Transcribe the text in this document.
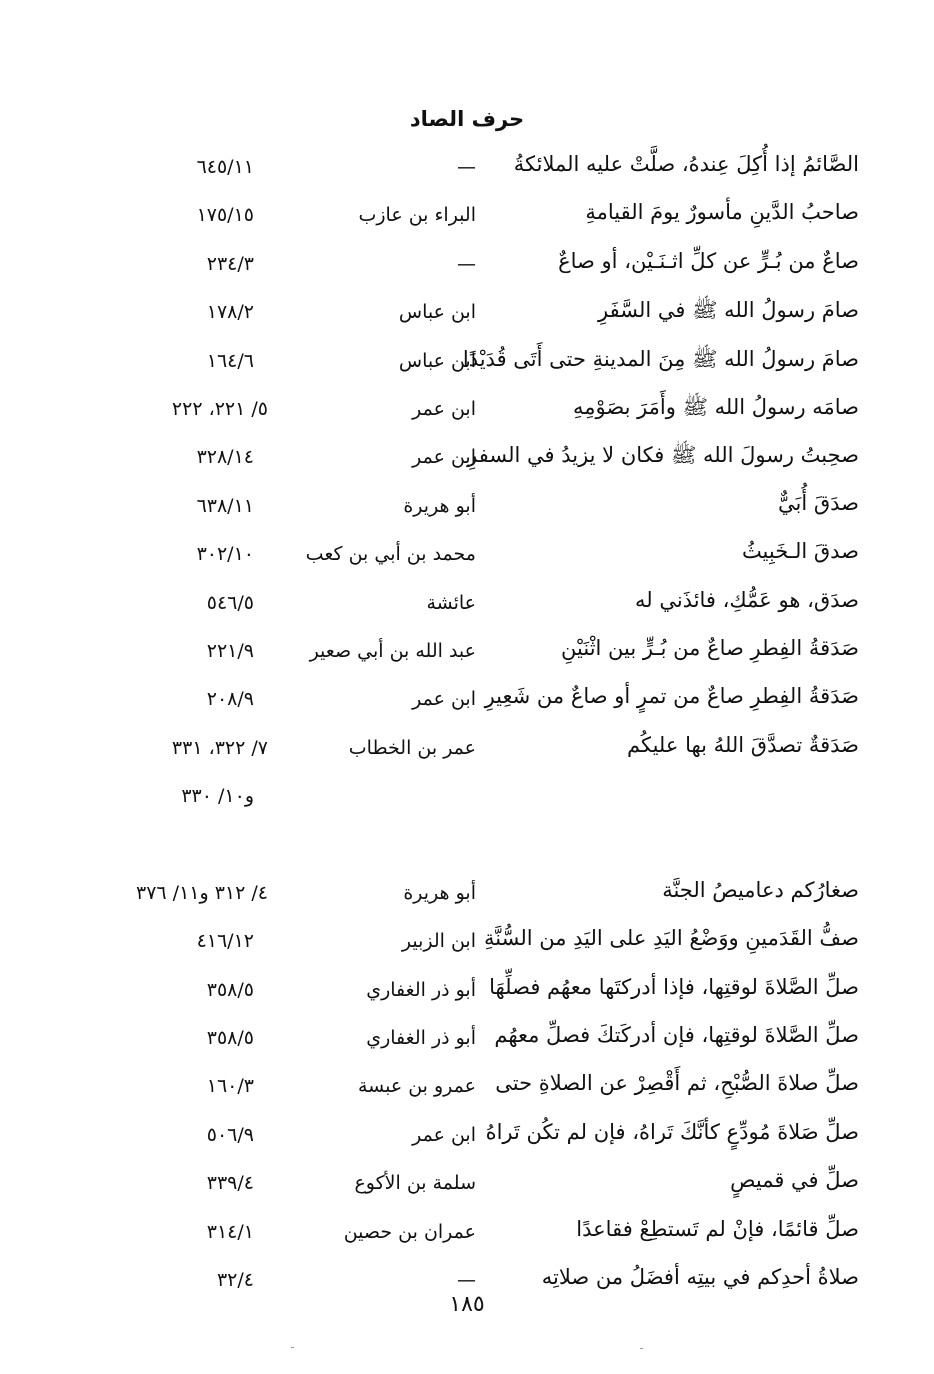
حرف الصاد
الصَّائمُ إذا أُكِلَ عِندهُ، صلَّتْ عليه الملائكةُ
—
٦٤٥/١١
صاحبُ الدَّينِ مأسورٌ يومَ القيامةِ
البراء بن عازب
١٧٥/١٥
صاعٌ من بُـرٍّ عن كلِّ اثـنَـيْن، أو صاعٌ
—
٢٣٤/٣
صامَ رسولُ الله ﷺ في السَّفَرِ
ابن عباس
١٧٨/٢
صامَ رسولُ الله ﷺ مِنَ المدينةِ حتى أَتَى قُدَيْدًا
ابن عباس
١٦٤/٦
صامَه رسولُ الله ﷺ وأَمَرَ بصَوْمِهِ
ابن عمر
٥/ ٢٢١، ٢٢٢
صحِبتُ رسولَ الله ﷺ فكان لا يزيدُ في السفرِ
ابن عمر
٣٢٨/١٤
صدَقَ أُبَيٌّ
أبو هريرة
٦٣٨/١١
صدقَ الـخَبِيثُ
محمد بن أبي بن كعب
٣٠٢/١٠
صدَق، هو عَمُّكِ، فائذَني له
عائشة
٥٤٦/٥
صَدَقةُ الفِطرِ صاعٌ من بُـرٍّ بين اثْنَيْنِ
عبد الله بن أبي صعير
٢٢١/٩
صَدَقةُ الفِطرِ صاعٌ من تمرٍ أو صاعٌ من شَعِيرِ
ابن عمر
٢٠٨/٩
صَدَقةٌ تصدَّقَ اللهُ بها عليكُم
عمر بن الخطاب
٧/ ٣٢٢، ٣٣١
و١٠/ ٣٣٠
صغارُكم دعاميصُ الجنَّة
أبو هريرة
٤/ ٣١٢ و١١/ ٣٧٦
صفُّ القَدَمينِ ووَضْعُ اليَدِ على اليَدِ من السُّنَّةِ
ابن الزبير
٤١٦/١٢
صلِّ الصَّلاةَ لوقتِها، فإذا أدركتَها معهُم فصلِّهَا
أبو ذر الغفاري
٣٥٨/٥
صلِّ الصَّلاةَ لوقتِها، فإن أدركَتكَ فصلِّ معهُم
أبو ذر الغفاري
٣٥٨/٥
صلِّ صلاةَ الصُّبْحِ، ثم أَقْصِرْ عن الصلاةِ حتى
عمرو بن عبسة
١٦٠/٣
صلِّ صَلاةَ مُودِّعٍ كأنَّكَ تَراهُ، فإن لم تكُن تَراهُ
ابن عمر
٥٠٦/٩
صلِّ في قميصٍ
سلمة بن الأكوع
٣٣٩/٤
صلِّ قائمًا، فإنْ لم تَستطِعْ فقاعدًا
عمران بن حصين
٣١٤/١
صلاةُ أحدِكم في بيتِه أفضَلُ من صلاتِه
—
٣٢/٤
١٨٥
